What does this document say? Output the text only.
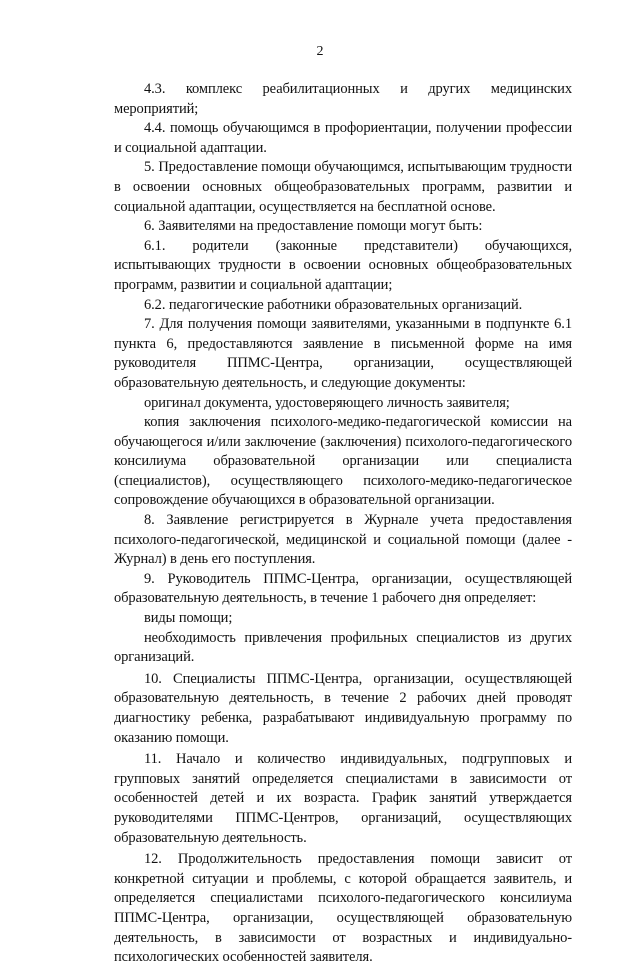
2

4.3. комплекс реабилитационных и других медицинских мероприятий;

4.4. помощь обучающимся в профориентации, получении профессии и социальной адаптации.

5. Предоставление помощи обучающимся, испытывающим трудности в освоении основных общеобразовательных программ, развитии и социальной адаптации, осуществляется на бесплатной основе.

6. Заявителями на предоставление помощи могут быть:

6.1. родители (законные представители) обучающихся, испытывающих трудности в освоении основных общеобразовательных программ, развитии и социальной адаптации;

6.2. педагогические работники образовательных организаций.

7. Для получения помощи заявителями, указанными в подпункте 6.1 пункта 6, предоставляются заявление в письменной форме на имя руководителя ППМС-Центра, организации, осуществляющей образовательную деятельность, и следующие документы:

оригинал документа, удостоверяющего личность заявителя;

копия заключения психолого-медико-педагогической комиссии на обучающегося и/или заключение (заключения) психолого-педагогического консилиума образовательной организации или специалиста (специалистов), осуществляющего психолого-медико-педагогическое сопровождение обучающихся в образовательной организации.

8. Заявление регистрируется в Журнале учета предоставления психолого-педагогической, медицинской и социальной помощи (далее - Журнал) в день его поступления.

9. Руководитель ППМС-Центра, организации, осуществляющей образовательную деятельность, в течение 1 рабочего дня определяет:

виды помощи;

необходимость привлечения профильных специалистов из других организаций.

10. Специалисты ППМС-Центра, организации, осуществляющей образовательную деятельность, в течение 2 рабочих дней проводят диагностику ребенка, разрабатывают индивидуальную программу по оказанию помощи.

11. Начало и количество индивидуальных, подгрупповых и групповых занятий определяется специалистами в зависимости от особенностей детей и их возраста. График занятий утверждается руководителями ППМС-Центров, организаций, осуществляющих образовательную деятельность.

12. Продолжительность предоставления помощи зависит от конкретной ситуации и проблемы, с которой обращается заявитель, и определяется специалистами психолого-педагогического консилиума ППМС-Центра, организации, осуществляющей образовательную деятельность, в зависимости от возрастных и индивидуально-психологических особенностей заявителя.
